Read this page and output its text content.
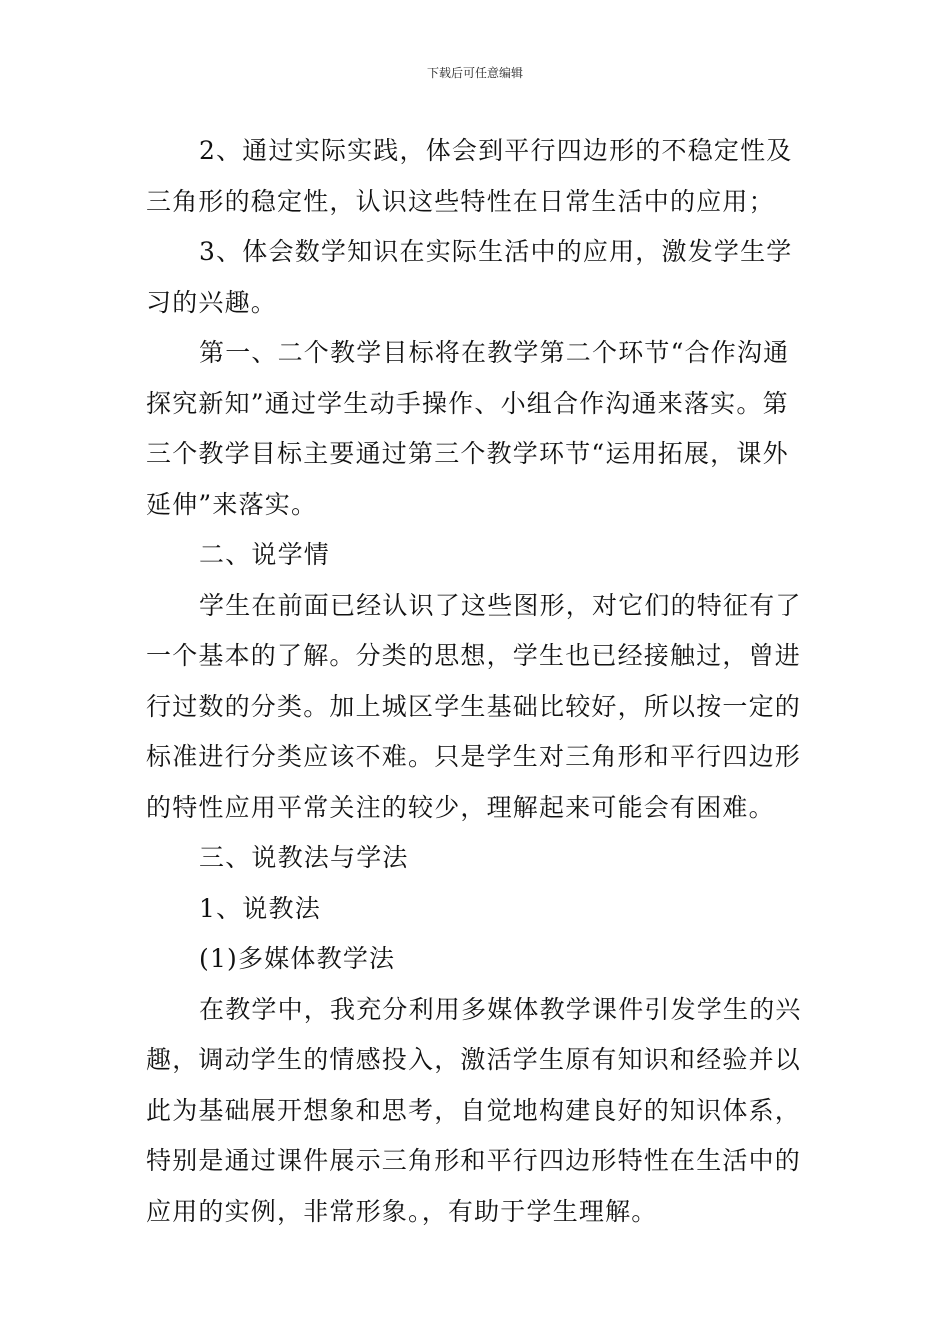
下载后可任意编辑

2、通过实际实践，体会到平行四边形的不稳定性及三角形的稳定性，认识这些特性在日常生活中的应用；

3、体会数学知识在实际生活中的应用，激发学生学习的兴趣。

第一、二个教学目标将在教学第二个环节“合作沟通探究新知”通过学生动手操作、小组合作沟通来落实。第三个教学目标主要通过第三个教学环节“运用拓展，课外延伸”来落实。

二、说学情

学生在前面已经认识了这些图形，对它们的特征有了一个基本的了解。分类的思想，学生也已经接触过，曾进行过数的分类。加上城区学生基础比较好，所以按一定的标准进行分类应该不难。只是学生对三角形和平行四边形的特性应用平常关注的较少，理解起来可能会有困难。

三、说教法与学法

1、说教法

(1)多媒体教学法

在教学中，我充分利用多媒体教学课件引发学生的兴趣，调动学生的情感投入，激活学生原有知识和经验并以此为基础展开想象和思考，自觉地构建良好的知识体系，特别是通过课件展示三角形和平行四边形特性在生活中的应用的实例，非常形象。，有助于学生理解。
